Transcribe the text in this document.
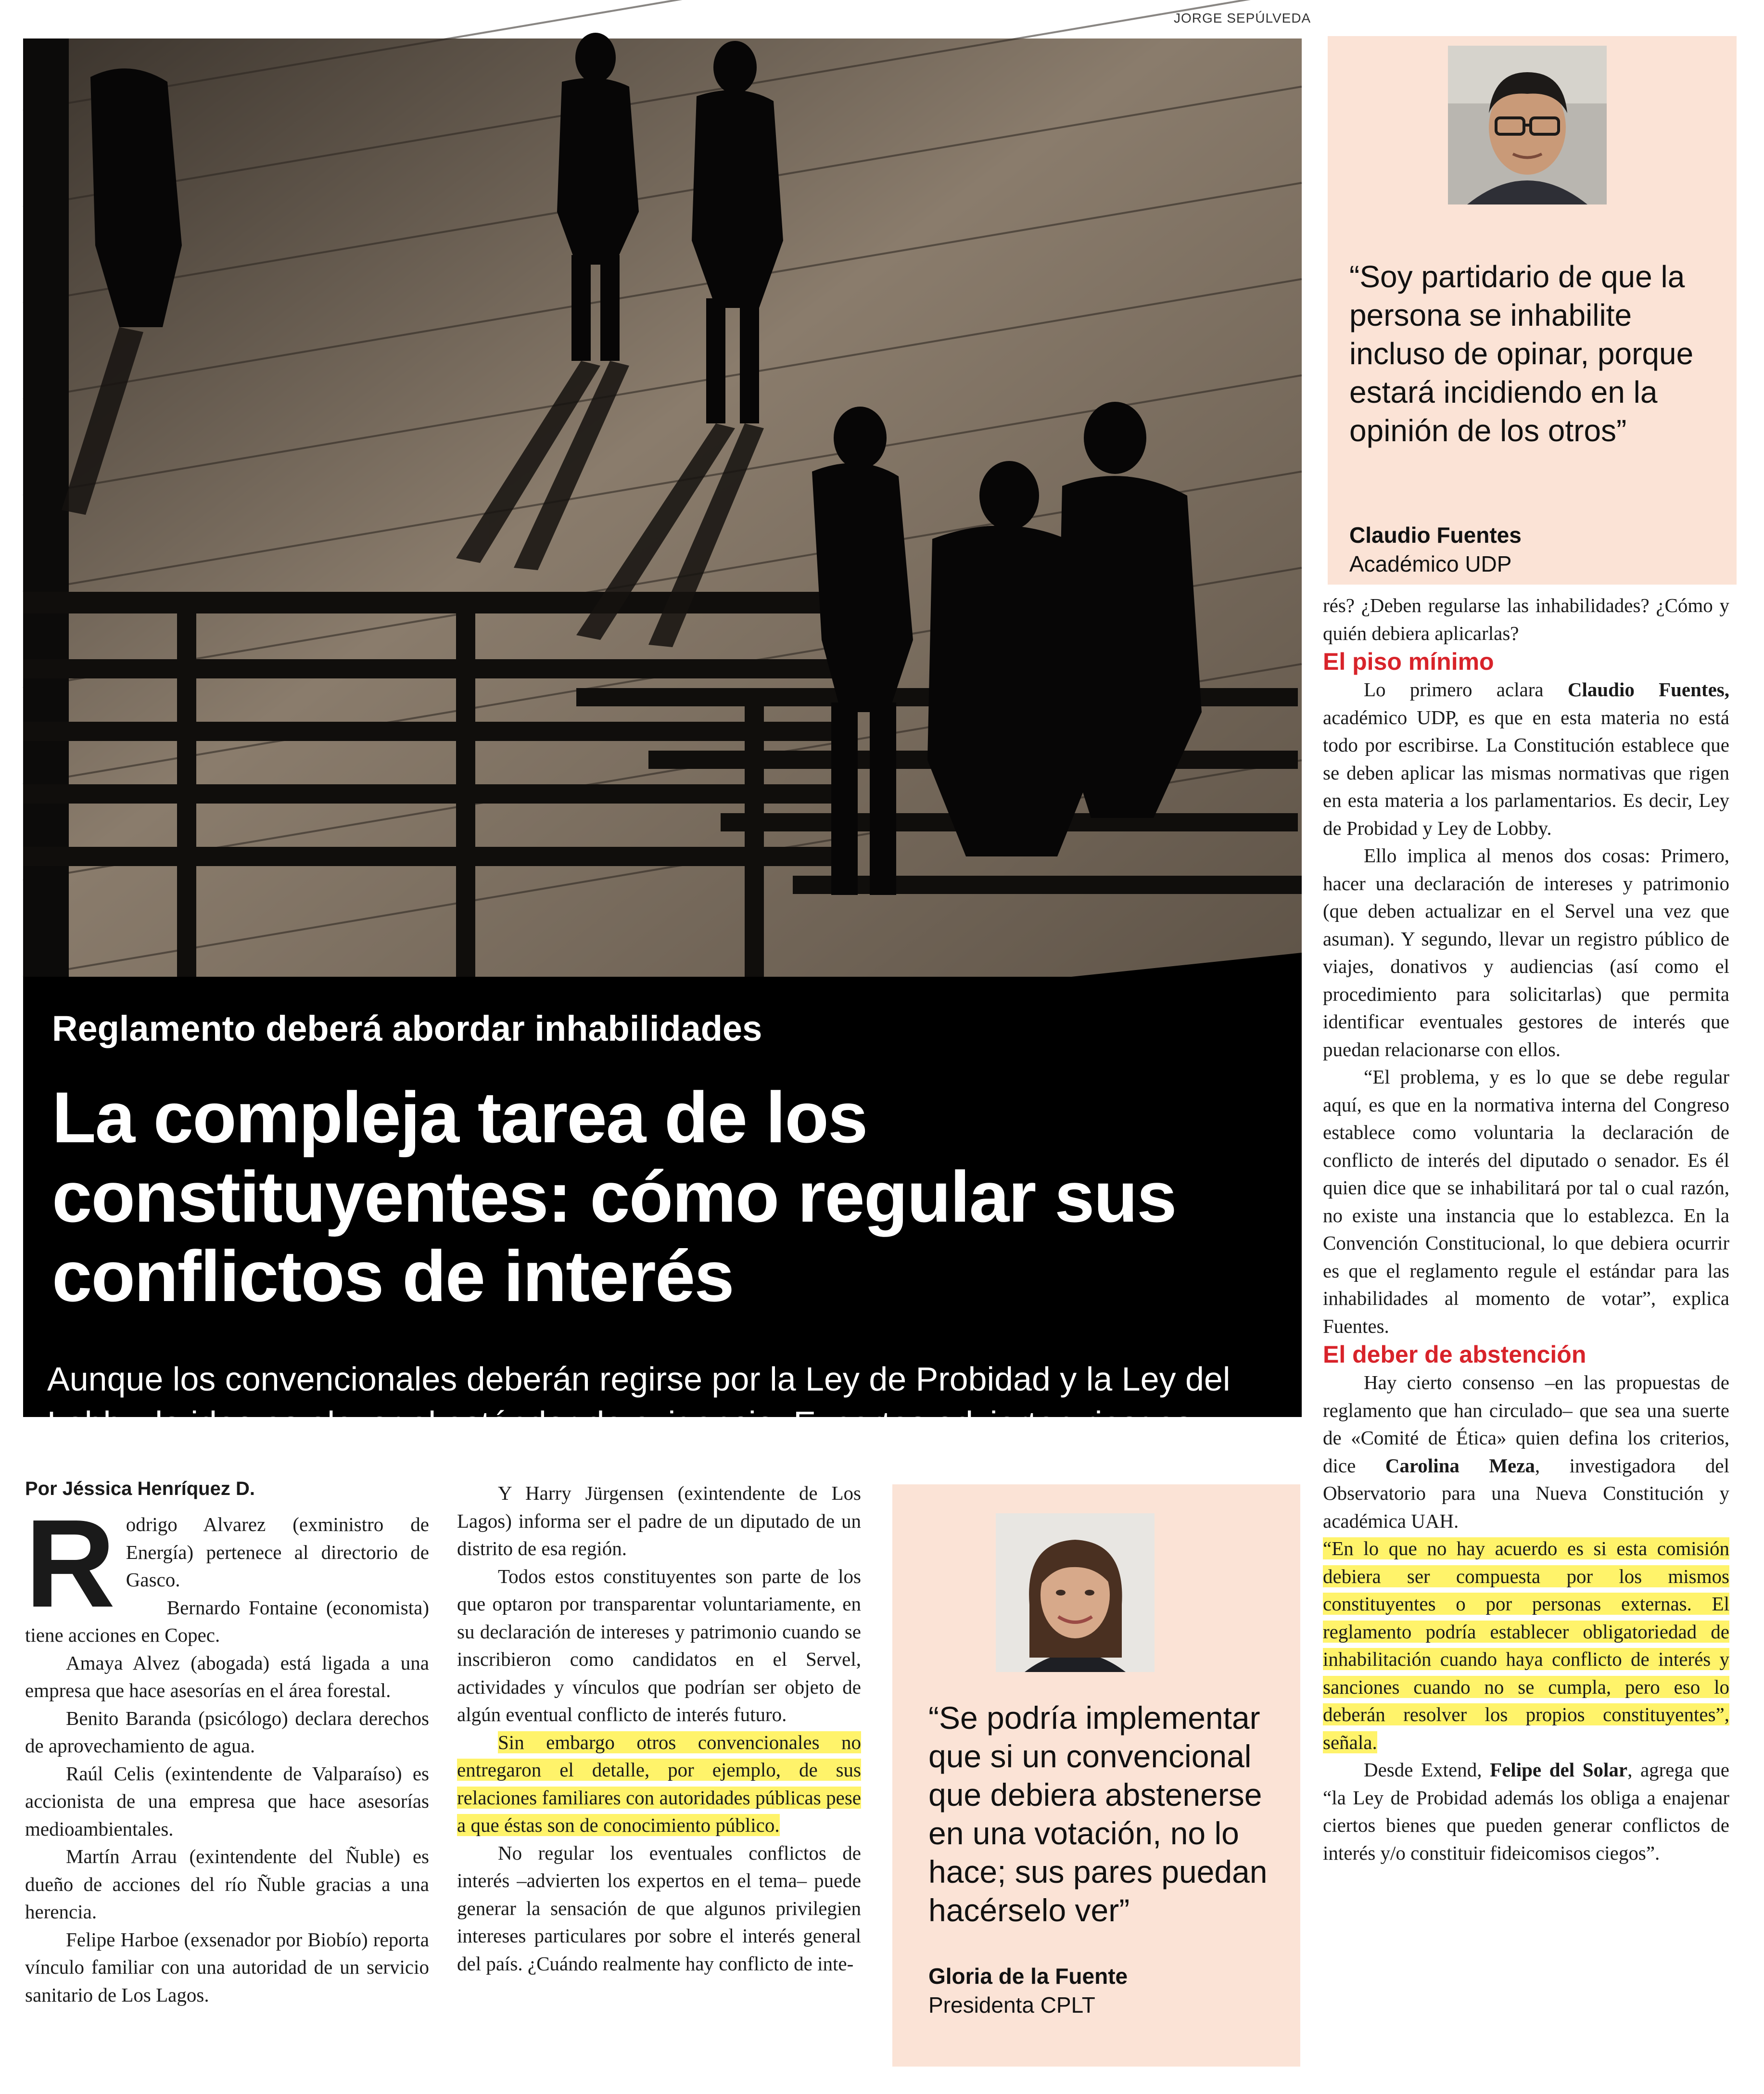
JORGE SEPÚLVEDA
Reglamento deberá abordar inhabilidades
La compleja tarea de los constituyentes: cómo regular sus conflictos de interés
Aunque los convencionales deberán regirse por la Ley de Probidad y la Ley del Lobby, la idea es elevar el estándar de exigencia. Expertos advierten riesgos.
“Soy partidario de que la persona se inhabilite incluso de opinar, porque estará incidiendo en la opinión de los otros”
Claudio Fuentes
Académico UDP
“Se podría implementar que si un convencional que debiera abstenerse en una votación, no lo hace; sus pares puedan hacérselo ver”
Gloria de la Fuente
Presidenta CPLT
Por Jéssica Henríquez D.

Rodrigo Alvarez (exministro de Energía) pertenece al directorio de Gasco.

Bernardo Fontaine (economista) tiene acciones en Copec.

Amaya Alvez (abogada) está ligada a una empresa que hace asesorías en el área forestal.

Benito Baranda (psicólogo) declara derechos de aprovechamiento de agua.

Raúl Celis (exintendente de Valparaíso) es accionista de una empresa que hace asesorías medioambientales.

Martín Arrau (exintendente del Ñuble) es dueño de acciones del río Ñuble gracias a una herencia.

Felipe Harboe (exsenador por Biobío) reporta vínculo familiar con una autoridad de un servicio sanitario de Los Lagos.

Y Harry Jürgensen (exintendente de Los Lagos) informa ser el padre de un diputado de un distrito de esa región.

Todos estos constituyentes son parte de los que optaron por transparentar voluntariamente, en su declaración de intereses y patrimonio cuando se inscribieron como candidatos en el Servel, actividades y vínculos que podrían ser objeto de algún eventual conflicto de interés futuro.

Sin embargo otros convencionales no entregaron el detalle, por ejemplo, de sus relaciones familiares con autoridades públicas pese a que éstas son de conocimiento público.

No regular los eventuales conflictos de interés –advierten los expertos en el tema– puede generar la sensación de que algunos privilegien intereses particulares por sobre el interés general del país. ¿Cuándo realmente hay conflicto de inte-

rés? ¿Deben regularse las inhabilidades? ¿Cómo y quién debiera aplicarlas?

El piso mínimo

Lo primero aclara Claudio Fuentes, académico UDP, es que en esta materia no está todo por escribirse. La Constitución establece que se deben aplicar las mismas normativas que rigen en esta materia a los parlamentarios. Es decir, Ley de Probidad y Ley de Lobby.

Ello implica al menos dos cosas: Primero, hacer una declaración de intereses y patrimonio (que deben actualizar en el Servel una vez que asuman). Y segundo, llevar un registro público de viajes, donativos y audiencias (así como el procedimiento para solicitarlas) que permita identificar eventuales gestores de interés que puedan relacionarse con ellos.

“El problema, y es lo que se debe regular aquí, es que en la normativa interna del Congreso establece como voluntaria la declaración de conflicto de interés del diputado o senador. Es él quien dice que se inhabilitará por tal o cual razón, no existe una instancia que lo establezca. En la Convención Constitucional, lo que debiera ocurrir es que el reglamento regule el estándar para las inhabilidades al momento de votar”, explica Fuentes.

El deber de abstención

Hay cierto consenso –en las propuestas de reglamento que han circulado– que sea una suerte de «Comité de Ética» quien defina los criterios, dice Carolina Meza, investigadora del Observatorio para una Nueva Constitución y académica UAH.

“En lo que no hay acuerdo es si esta comisión debiera ser compuesta por los mismos constituyentes o por personas externas. El reglamento podría establecer obligatoriedad de inhabilitación cuando haya conflicto de interés y sanciones cuando no se cumpla, pero eso lo deberán resolver los propios constituyentes”, señala.

Desde Extend, Felipe del Solar, agrega que “la Ley de Probidad además los obliga a enajenar ciertos bienes que pueden generar conflictos de interés y/o constituir fideicomisos ciegos”.
